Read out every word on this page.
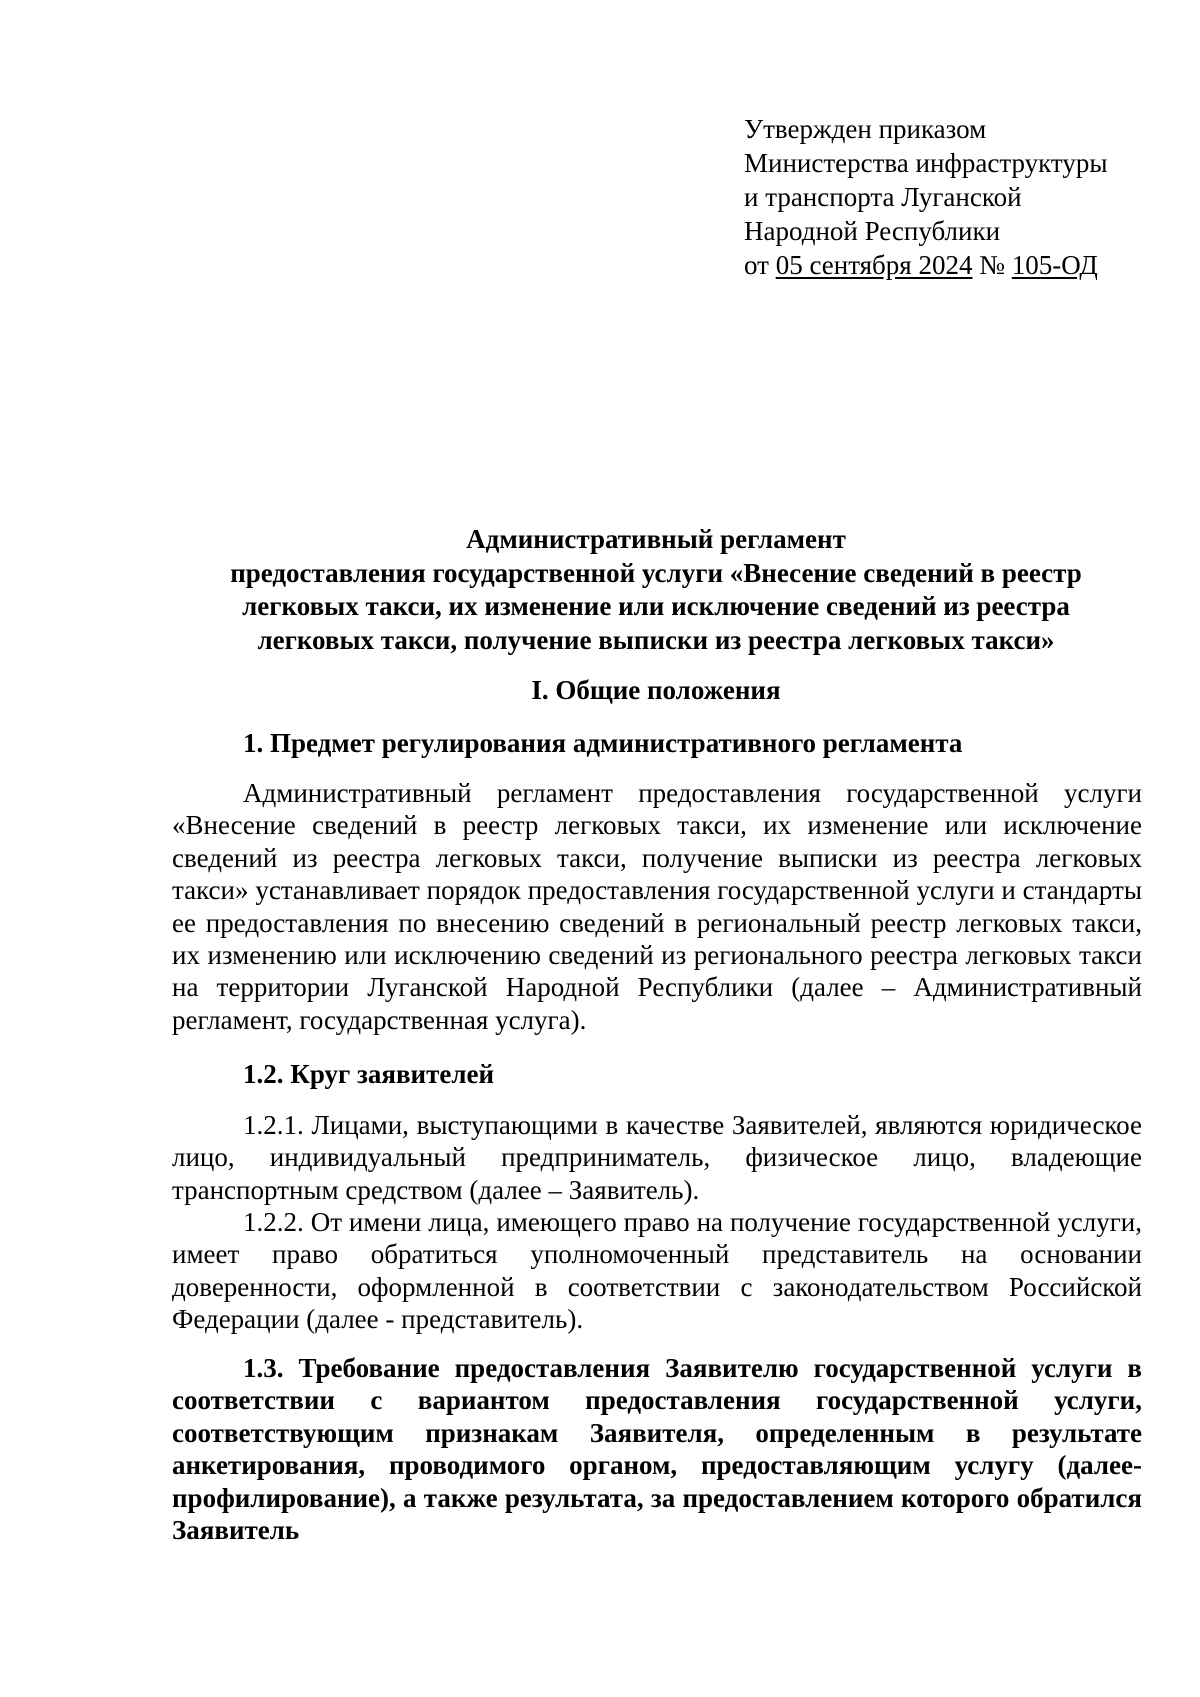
Утвержден приказом
Министерства инфраструктуры
и транспорта Луганской
Народной Республики
от 05 сентября 2024 № 105-ОД
Административный регламент
предоставления государственной услуги «Внесение сведений в реестр
легковых такси, их изменение или исключение сведений из реестра
легковых такси, получение выписки из реестра легковых такси»
I. Общие положения
1. Предмет регулирования административного регламента
Административный регламент предоставления государственной услуги «Внесение сведений в реестр легковых такси, их изменение или исключение сведений из реестра легковых такси, получение выписки из реестра легковых такси» устанавливает порядок предоставления государственной услуги и стандарты ее предоставления по внесению сведений в региональный реестр легковых такси, их изменению или исключению сведений из регионального реестра легковых такси на территории Луганской Народной Республики (далее – Административный регламент, государственная услуга).
1.2. Круг заявителей
1.2.1. Лицами, выступающими в качестве Заявителей, являются юридическое лицо, индивидуальный предприниматель, физическое лицо, владеющие транспортным средством (далее – Заявитель).
1.2.2. От имени лица, имеющего право на получение государственной услуги, имеет право обратиться уполномоченный представитель на основании доверенности, оформленной в соответствии с законодательством Российской Федерации (далее - представитель).
1.3. Требование предоставления Заявителю государственной услуги в соответствии с вариантом предоставления государственной услуги, соответствующим признакам Заявителя, определенным в результате анкетирования, проводимого органом, предоставляющим услугу (далее-профилирование), а также результата, за предоставлением которого обратился Заявитель
